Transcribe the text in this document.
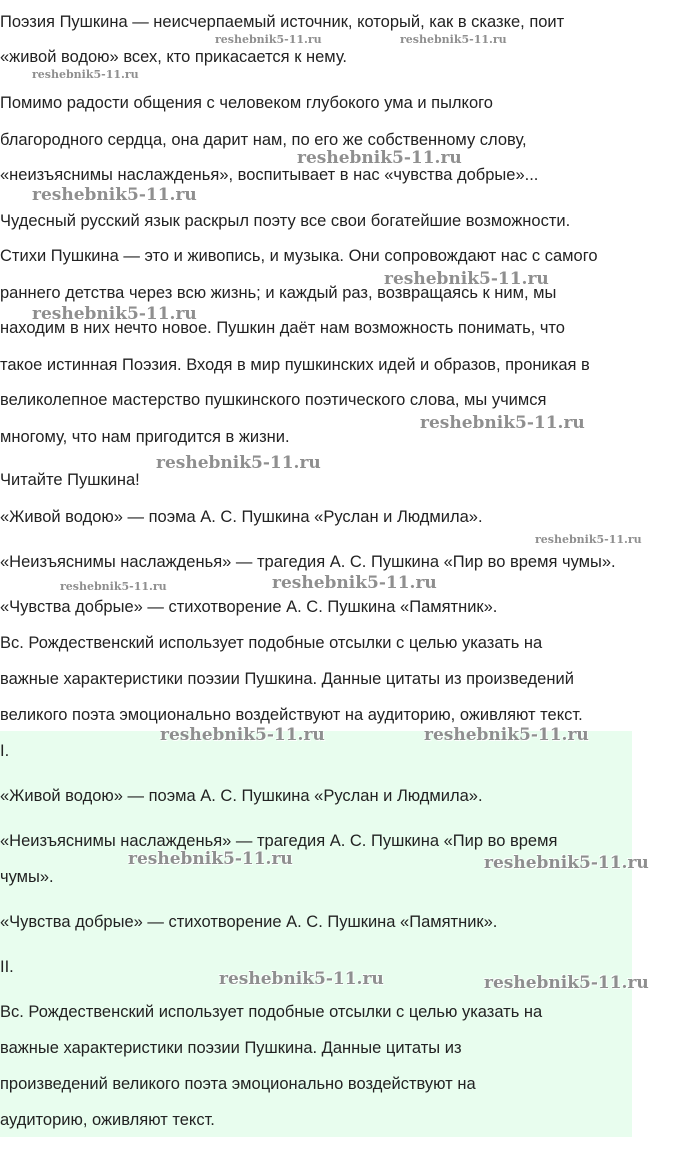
Поэзия Пушкина — неисчерпаемый источник, который, как в сказке, поит
«живой водою» всех, кто прикасается к нему.
Помимо радости общения с человеком глубокого ума и пылкого
благородного сердца, она дарит нам, по его же собственному слову,
«неизъяснимы наслажденья», воспитывает в нас «чувства добрые»...
Чудесный русский язык раскрыл поэту все свои богатейшие возможности.
Стихи Пушкина — это и живопись, и музыка. Они сопровождают нас с самого
раннего детства через всю жизнь; и каждый раз, возвращаясь к ним, мы
находим в них нечто новое. Пушкин даёт нам возможность понимать, что
такое истинная Поэзия. Входя в мир пушкинских идей и образов, проникая в
великолепное мастерство пушкинского поэтического слова, мы учимся
многому, что нам пригодится в жизни.
Читайте Пушкина!
«Живой водою» — поэма А. С. Пушкина «Руслан и Людмила».
«Неизъяснимы наслажденья» — трагедия А. С. Пушкина «Пир во время чумы».
«Чувства добрые» — стихотворение А. С. Пушкина «Памятник».
Вс. Рождественский использует подобные отсылки с целью указать на
важные характеристики поэзии Пушкина. Данные цитаты из произведений
великого поэта эмоционально воздействуют на аудиторию, оживляют текст.
I.
«Живой водою» — поэма А. С. Пушкина «Руслан и Людмила».
«Неизъяснимы наслажденья» — трагедия А. С. Пушкина «Пир во время
чумы».
«Чувства добрые» — стихотворение А. С. Пушкина «Памятник».
II.
Вс. Рождественский использует подобные отсылки с целью указать на
важные характеристики поэзии Пушкина. Данные цитаты из
произведений великого поэта эмоционально воздействуют на
аудиторию, оживляют текст.
reshebnik5-11.ru	reshebnik5-11.ru
reshebnik5-11.ru
reshebnik5-11.ru
reshebnik5-11.ru
reshebnik5-11.ru
reshebnik5-11.ru
reshebnik5-11.ru
reshebnik5-11.ru
reshebnik5-11.ru
reshebnik5-11.ru	reshebnik5-11.ru
reshebnik5-11.ru	reshebnik5-11.ru
reshebnik5-11.ru	reshebnik5-11.ru
reshebnik5-11.ru	reshebnik5-11.ru
